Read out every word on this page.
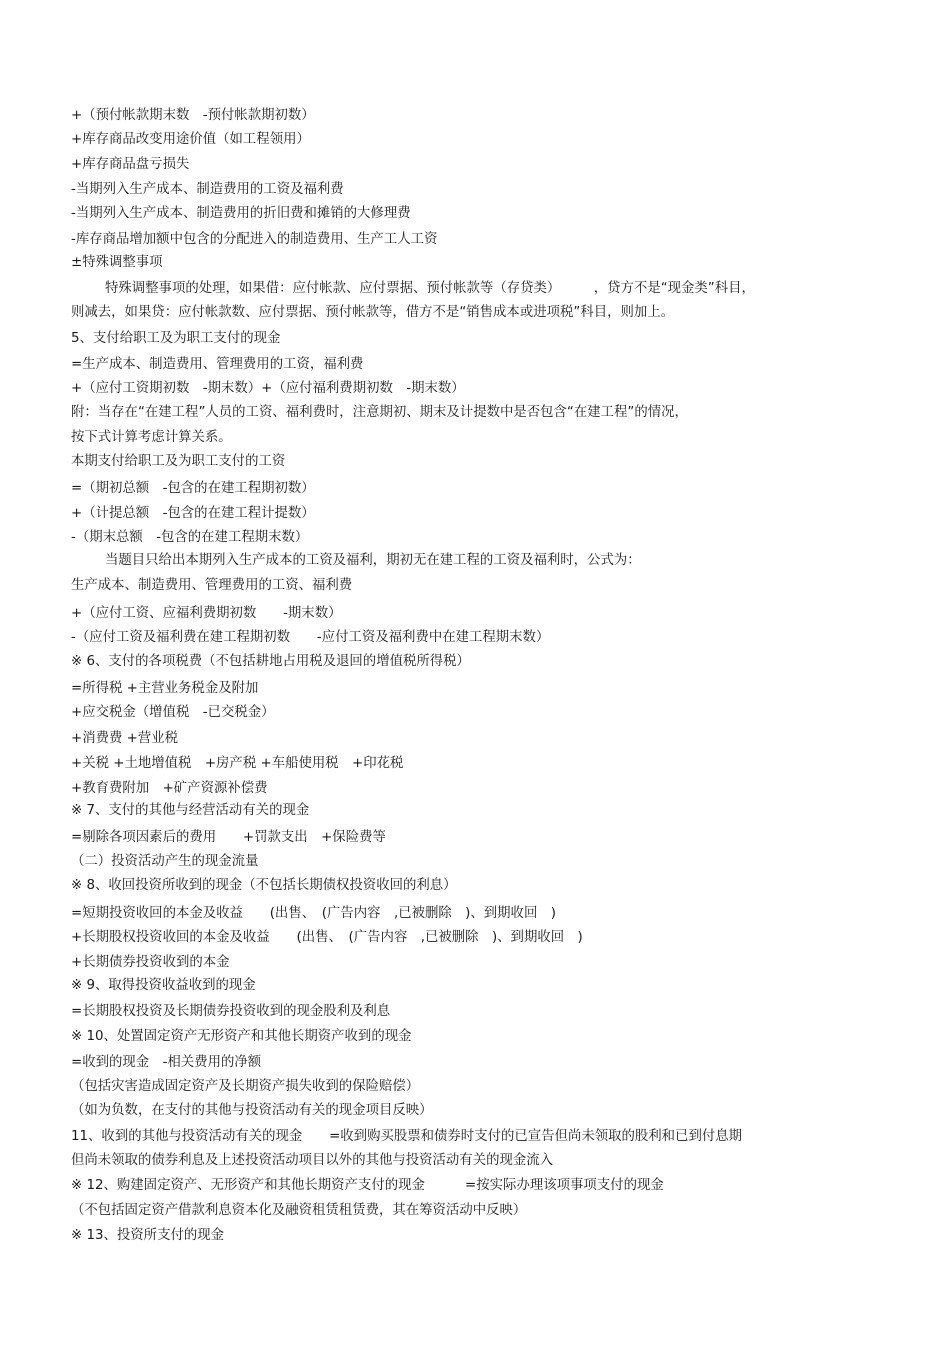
+（预付帐款期末数　-预付帐款期初数）
+库存商品改变用途价值（如工程领用）
+库存商品盘亏损失
-当期列入生产成本、制造费用的工资及福利费
-当期列入生产成本、制造费用的折旧费和摊销的大修理费
-库存商品增加额中包含的分配进入的制造费用、生产工人工资
±特殊调整事项
特殊调整事项的处理，如果借：应付帐款、应付票据、预付帐款等（存贷类）　　　，贷方不是“现金类”科目，
则减去，如果贷：应付帐款数、应付票据、预付帐款等，借方不是“销售成本或进项税”科目，则加上。
5、支付给职工及为职工支付的现金
=生产成本、制造费用、管理费用的工资，福利费
+（应付工资期初数　-期末数）+（应付福利费期初数　-期末数）
附：当存在“在建工程”人员的工资、福利费时，注意期初、期末及计提数中是否包含“在建工程”的情况，
按下式计算考虑计算关系。
本期支付给职工及为职工支付的工资
=（期初总额　-包含的在建工程期初数）
+（计提总额　-包含的在建工程计提数）
-（期末总额　-包含的在建工程期末数）
当题目只给出本期列入生产成本的工资及福利，期初无在建工程的工资及福利时，公式为：
生产成本、制造费用、管理费用的工资、福利费
+（应付工资、应福利费期初数　　-期末数）
-（应付工资及福利费在建工程期初数　　-应付工资及福利费中在建工程期末数）
※ 6、支付的各项税费（不包括耕地占用税及退回的增值税所得税）
=所得税 +主营业务税金及附加
+应交税金（增值税　-已交税金）
+消费费 +营业税
+关税 +土地增值税　+房产税 +车船使用税　+印花税
+教育费附加　+矿产资源补偿费
※ 7、支付的其他与经营活动有关的现金
=剔除各项因素后的费用　　+罚款支出　+保险费等
（二）投资活动产生的现金流量
※ 8、收回投资所收到的现金（不包括长期债权投资收回的利息）
=短期投资收回的本金及收益　　(出售、　(广告内容　,已被删除　)、到期收回　)
+长期股权投资收回的本金及收益　　(出售、　(广告内容　,已被删除　)、到期收回　)
+长期债券投资收到的本金
※ 9、取得投资收益收到的现金
=长期股权投资及长期债券投资收到的现金股利及利息
※ 10、处置固定资产无形资产和其他长期资产收到的现金
=收到的现金　-相关费用的净额
（包括灾害造成固定资产及长期资产损失收到的保险赔偿）
（如为负数，在支付的其他与投资活动有关的现金项目反映）
11、收到的其他与投资活动有关的现金　　=收到购买股票和债券时支付的已宣告但尚未领取的股利和已到付息期
但尚未领取的债券利息及上述投资活动项目以外的其他与投资活动有关的现金流入
※ 12、购建固定资产、无形资产和其他长期资产支付的现金　　　=按实际办理该项事项支付的现金
（不包括固定资产借款利息资本化及融资租赁租赁费，其在筹资活动中反映）
※ 13、投资所支付的现金
